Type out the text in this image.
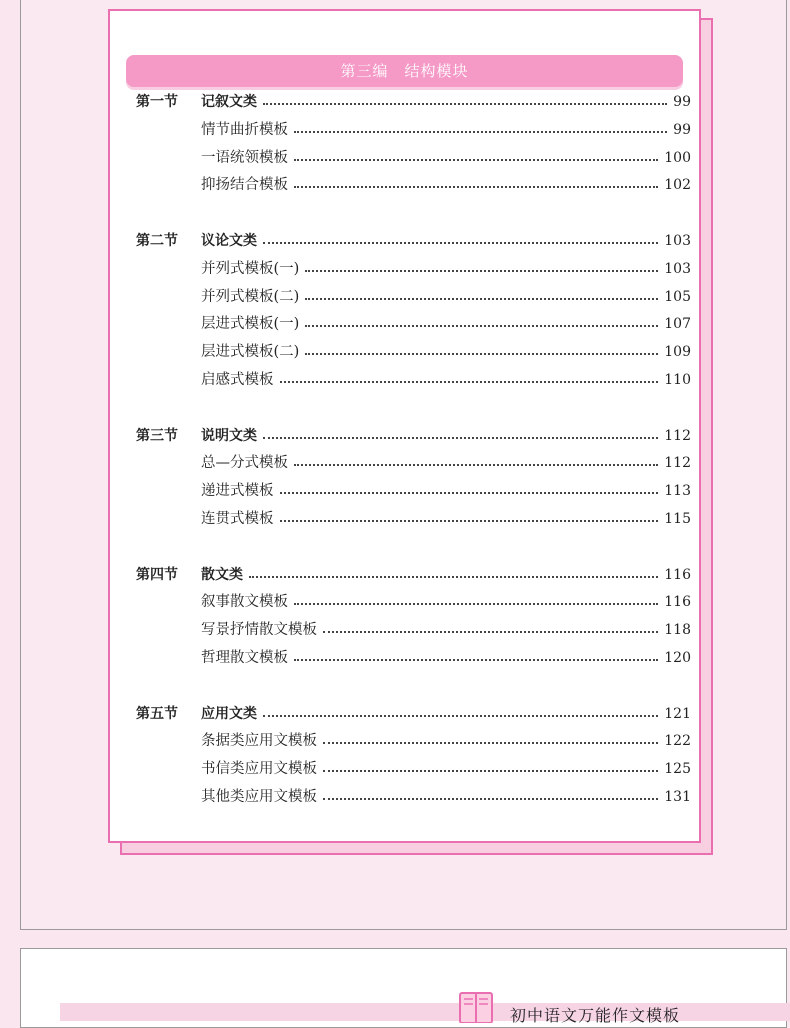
第三编　结构模块
第一节 记叙文类	99
情节曲折模板	99
一语统领模板	100
抑扬结合模板	102
第二节 议论文类	103
并列式模板(一)	103
并列式模板(二)	105
层进式模板(一)	107
层进式模板(二)	109
启感式模板	110
第三节 说明文类	112
总—分式模板	112
递进式模板	113
连贯式模板	115
第四节 散文类	116
叙事散文模板	116
写景抒情散文模板	118
哲理散文模板	120
第五节 应用文类	121
条据类应用文模板	122
书信类应用文模板	125
其他类应用文模板	131
初中语文万能作文模板
